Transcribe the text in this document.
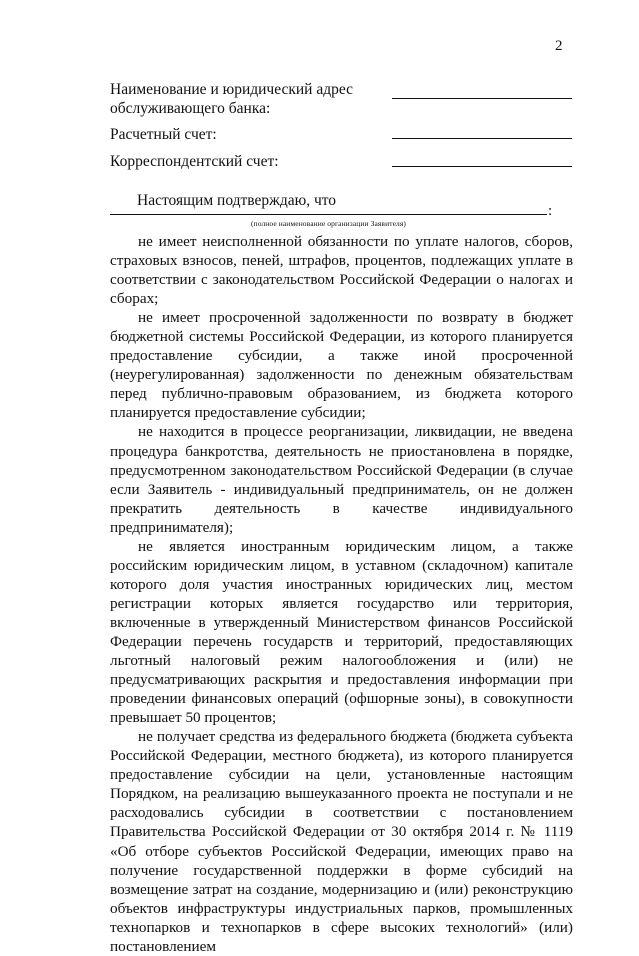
2
Наименование и юридический адрес обслуживающего банка:
Расчетный счет:
Корреспондентский счет:
Настоящим подтверждаю, что
:
(полное наименование организации Заявителя)

не имеет неисполненной обязанности по уплате налогов, сборов, страховых взносов, пеней, штрафов, процентов, подлежащих уплате в соответствии с законодательством Российской Федерации о налогах и сборах;

не имеет просроченной задолженности по возврату в бюджет бюджетной системы Российской Федерации, из которого планируется предоставление субсидии, а также иной просроченной (неурегулированная) задолженности по денежным обязательствам перед публично-правовым образованием, из бюджета которого планируется предоставление субсидии;

не находится в процессе реорганизации, ликвидации, не введена процедура банкротства, деятельность не приостановлена в порядке, предусмотренном законодательством Российской Федерации (в случае если Заявитель - индивидуальный предприниматель, он не должен прекратить деятельность в качестве индивидуального предпринимателя);

не является иностранным юридическим лицом, а также российским юридическим лицом, в уставном (складочном) капитале которого доля участия иностранных юридических лиц, местом регистрации которых является государство или территория, включенные в утвержденный Министерством финансов Российской Федерации перечень государств и территорий, предоставляющих льготный налоговый режим налогообложения и (или) не предусматривающих раскрытия и предоставления информации при проведении финансовых операций (офшорные зоны), в совокупности превышает 50 процентов;

не получает средства из федерального бюджета (бюджета субъекта Российской Федерации, местного бюджета), из которого планируется предоставление субсидии на цели, установленные настоящим Порядком, на реализацию вышеуказанного проекта не поступали и не расходовались субсидии в соответствии с постановлением Правительства Российской Федерации от 30 октября 2014 г. № 1119 «Об отборе субъектов Российской Федерации, имеющих право на получение государственной поддержки в форме субсидий на возмещение затрат на создание, модернизацию и (или) реконструкцию объектов инфраструктуры индустриальных парков, промышленных технопарков и технопарков в сфере высоких технологий» (или) постановлением
